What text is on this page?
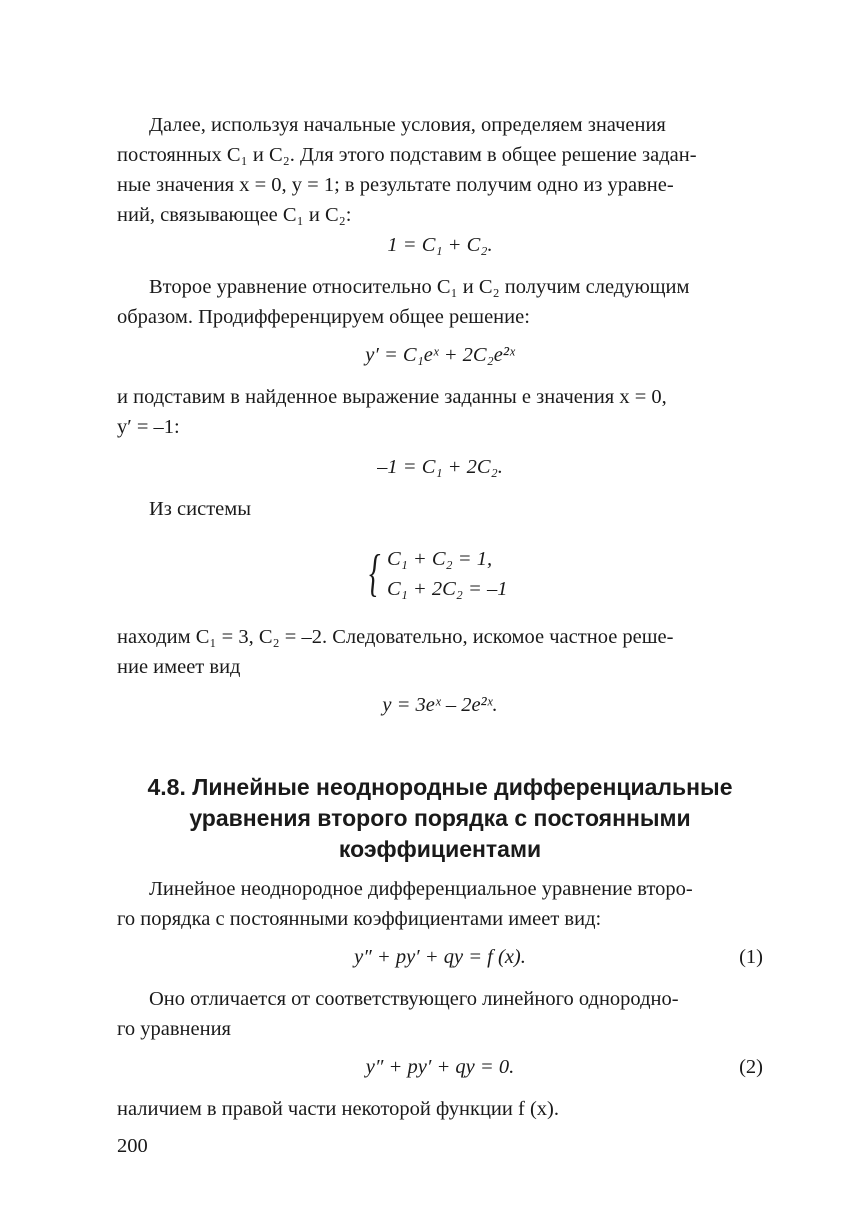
Далее, используя начальные условия, определяем значения
постоянных C₁ и C₂. Для этого подставим в общее решение задан-
ные значения x = 0, y = 1; в результате получим одно из уравне-
ний, связывающее C₁ и C₂:

1 = C₁ + C₂.

Второе уравнение относительно C₁ и C₂ получим следующим
образом. Продифференцируем общее решение:

y′ = C₁eˣ + 2C₂e²ˣ

и подставим в найденное выражение заданны е значения x = 0,
y′ = –1:

–1 = C₁ + 2C₂.

Из системы

{ C₁ + C₂ = 1,
C₁ + 2C₂ = –1

находим C₁ = 3, C₂ = –2. Следовательно, искомое частное реше-
ние имеет вид

y = 3eˣ – 2e²ˣ.
4.8. Линейные неоднородные дифференциальные
уравнения второго порядка с постоянными
коэффициентами

Линейное неоднородное дифференциальное уравнение второ-
го порядка с постоянными коэффициентами имеет вид:

y″ + py′ + qy = f (x).	(1)

Оно отличается от соответствующего линейного однородно-
го уравнения

y″ + py′ + qy = 0.	(2)

наличием в правой части некоторой функции f (x).

200
